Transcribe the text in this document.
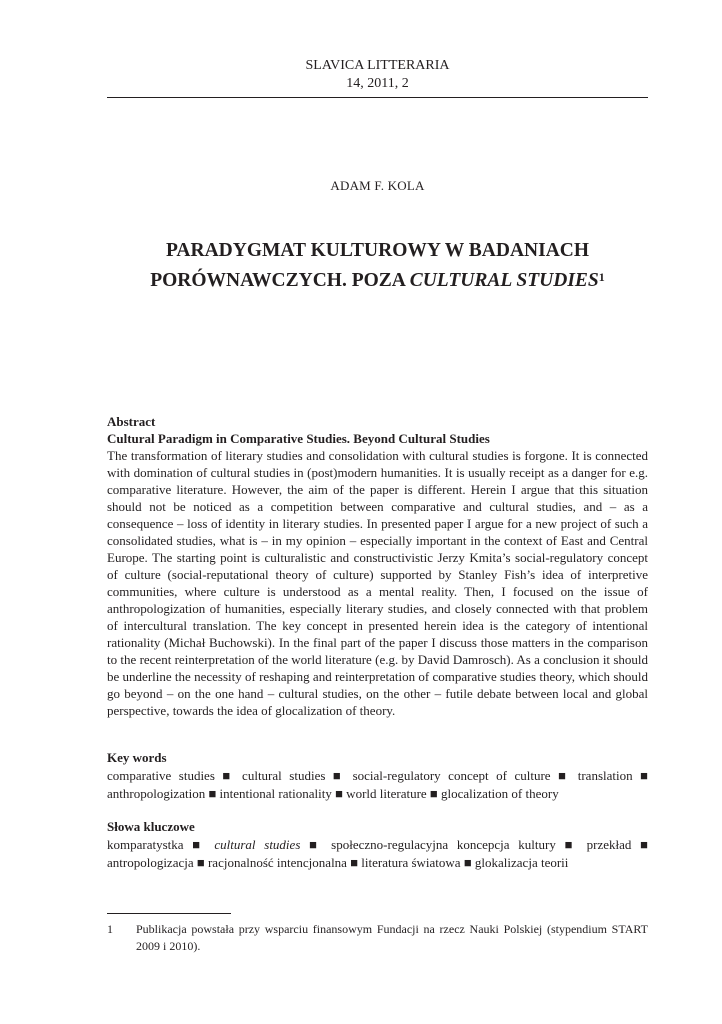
SLAVICA LITTERARIA
14, 2011, 2
ADAM F. KOLA
PARADYGMAT KULTUROWY W BADANIACH
PORÓWNAWCZYCH. POZA CULTURAL STUDIES$^1$
Abstract
Cultural Paradigm in Comparative Studies. Beyond Cultural Studies
The transformation of literary studies and consolidation with cultural studies is forgone. It is connected with domination of cultural studies in (post)modern humanities. It is usually receipt as a danger for e.g. comparative literature. However, the aim of the paper is different. Herein I argue that this situation should not be noticed as a competition between comparative and cultural studies, and – as a consequence – loss of identity in literary studies. In presented paper I argue for a new project of such a consolidated studies, what is – in my opinion – especially important in the context of East and Central Europe. The starting point is culturalistic and constructivistic Jerzy Kmita’s social-regulatory concept of culture (social-reputational theory of culture) supported by Stanley Fish’s idea of interpretive communities, where culture is understood as a mental reality. Then, I focused on the issue of anthropologization of humanities, especially literary studies, and closely connected with that problem of intercultural translation. The key concept in presented herein idea is the category of intentional rationality (Michał Buchowski). In the final part of the paper I discuss those matters in the comparison to the recent reinterpretation of the world literature (e.g. by David Damrosch). As a conclusion it should be underline the necessity of reshaping and reinterpretation of comparative studies theory, which should go beyond – on the one hand – cultural studies, on the other – futile debate between local and global perspective, towards the idea of glocalization of theory.
Key words
comparative studies ■ cultural studies ■ social-regulatory concept of culture ■ translation ■ anthropologization ■ intentional rationality ■ world literature ■ glocalization of theory
Słowa kluczowe
komparatystka ■ cultural studies ■ społeczno-regulacyjna koncepcja kultury ■ przekład ■ antropologizacja ■ racjonalność intencjonalna ■ literatura światowa ■ glokalizacja teorii
1 Publikacja powstała przy wsparciu finansowym Fundacji na rzecz Nauki Polskiej (stypendium START 2009 i 2010).
